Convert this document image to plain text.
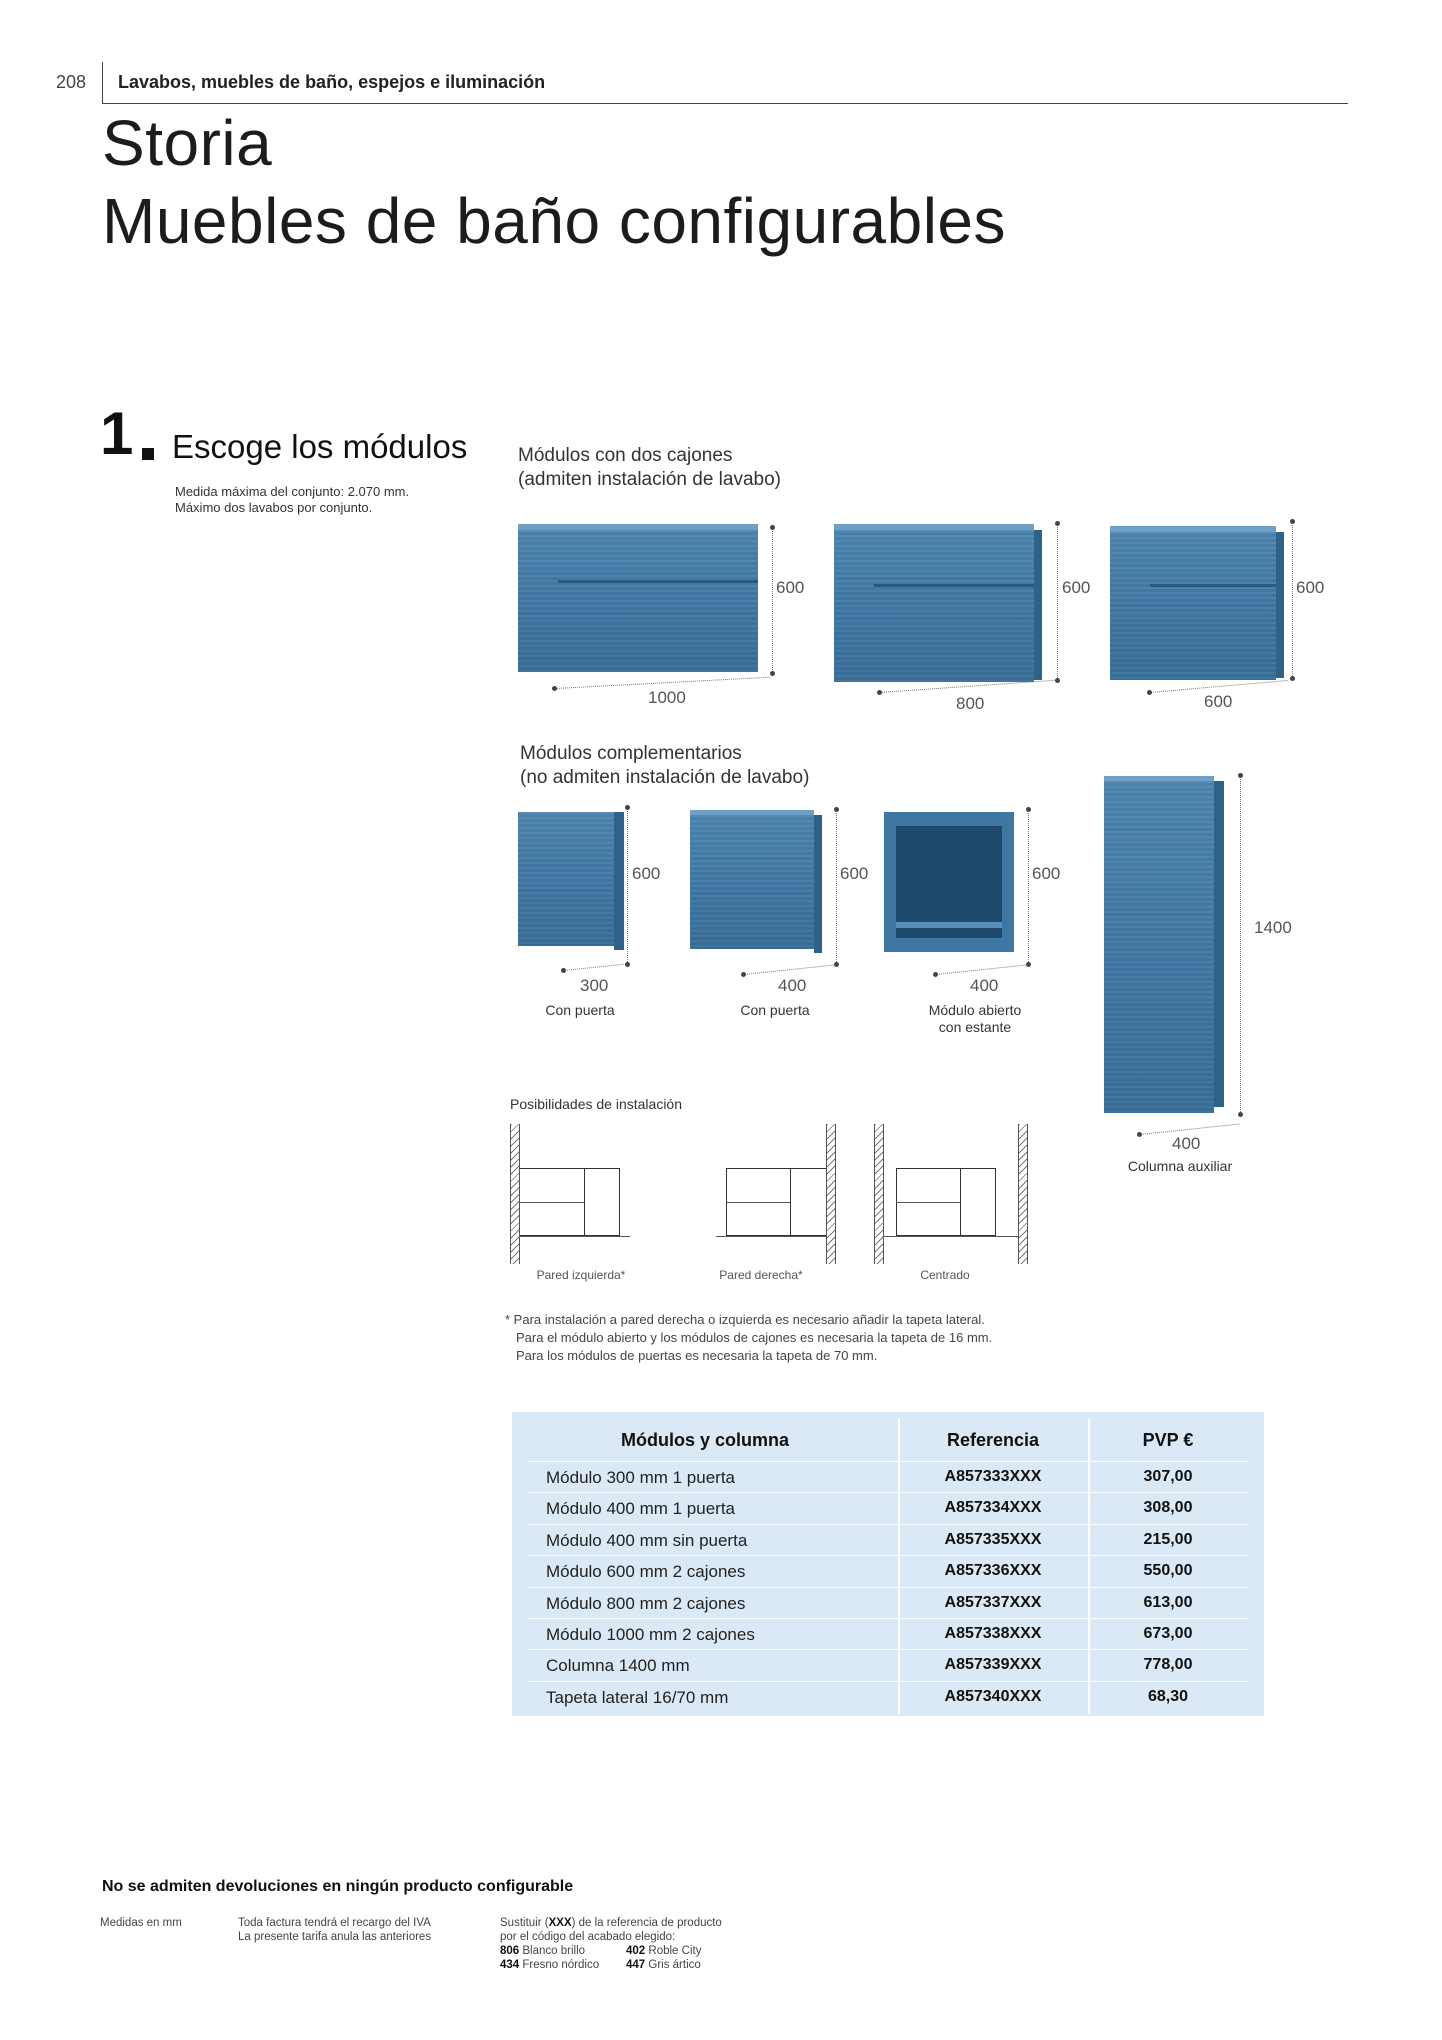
208 Lavabos, muebles de baño, espejos e iluminación
Storia
Muebles de baño configurables
1 Escoge los módulos
Medida máxima del conjunto: 2.070 mm.
Máximo dos lavabos por conjunto.
Módulos con dos cajones
(admiten instalación de lavabo)
600
1000
600
800
600
600
Módulos complementarios
(no admiten instalación de lavabo)
600
300
Con puerta
600
400
Con puerta
600
400
Módulo abierto
con estante
1400
400
Columna auxiliar
Posibilidades de instalación
Pared izquierda*	Pared derecha*	Centrado
* Para instalación a pared derecha o izquierda es necesario añadir la tapeta lateral.
Para el módulo abierto y los módulos de cajones es necesaria la tapeta de 16 mm.
Para los módulos de puertas es necesaria la tapeta de 70 mm.
Módulos y columna	Referencia	PVP €
Módulo 300 mm 1 puerta	A857333XXX	307,00
Módulo 400 mm 1 puerta	A857334XXX	308,00
Módulo 400 mm sin puerta	A857335XXX	215,00
Módulo 600 mm 2 cajones	A857336XXX	550,00
Módulo 800 mm 2 cajones	A857337XXX	613,00
Módulo 1000 mm 2 cajones	A857338XXX	673,00
Columna 1400 mm	A857339XXX	778,00
Tapeta lateral 16/70 mm	A857340XXX	68,30
No se admiten devoluciones en ningún producto configurable
Medidas en mm	Toda factura tendrá el recargo del IVA
La presente tarifa anula las anteriores
Sustituir (XXX) de la referencia de producto
por el código del acabado elegido:
806 Blanco brillo	402 Roble City
434 Fresno nórdico 447 Gris ártico
